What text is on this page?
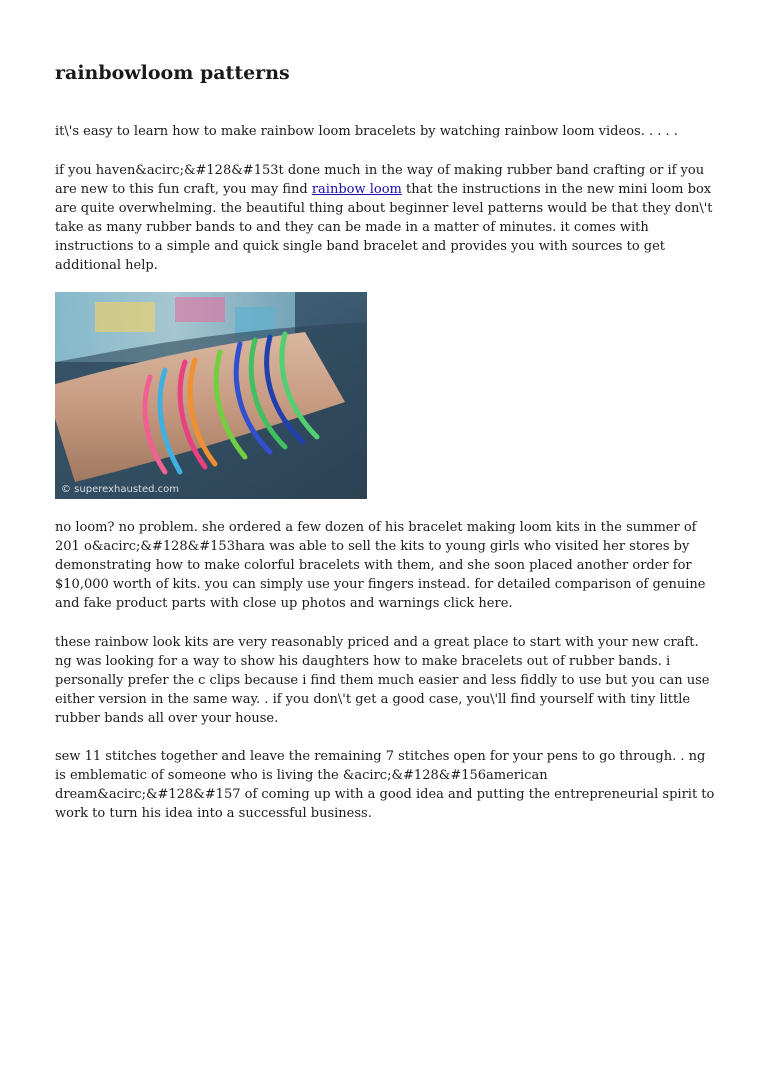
rainbowloom patterns

it\'s easy to learn how to make rainbow loom bracelets by watching rainbow loom videos. . . . .

if you haven&acirc;&#128&#153t done much in the way of making rubber band crafting or if you are new to this fun craft, you may find rainbow loom that the instructions in the new mini loom box are quite overwhelming. the beautiful thing about beginner level patterns would be that they don\'t take as many rubber bands to and they can be made in a matter of minutes. it comes with instructions to a simple and quick single band bracelet and provides you with sources to get additional help.

© superexhausted.com

no loom? no problem. she ordered a few dozen of his bracelet making loom kits in the summer of 201 o&acirc;&#128&#153hara was able to sell the kits to young girls who visited her stores by demonstrating how to make colorful bracelets with them, and she soon placed another order for $10,000 worth of kits. you can simply use your fingers instead. for detailed comparison of genuine and fake product parts with close up photos and warnings click here.

these rainbow look kits are very reasonably priced and a great place to start with your new craft. ng was looking for a way to show his daughters how to make bracelets out of rubber bands. i personally prefer the c clips because i find them much easier and less fiddly to use but you can use either version in the same way. . if you don\'t get a good case, you\'ll find yourself with tiny little rubber bands all over your house.

sew 11 stitches together and leave the remaining 7 stitches open for your pens to go through. . ng is emblematic of someone who is living the &acirc;&#128&#156american dream&acirc;&#128&#157 of coming up with a good idea and putting the entrepreneurial spirit to work to turn his idea into a successful business.
